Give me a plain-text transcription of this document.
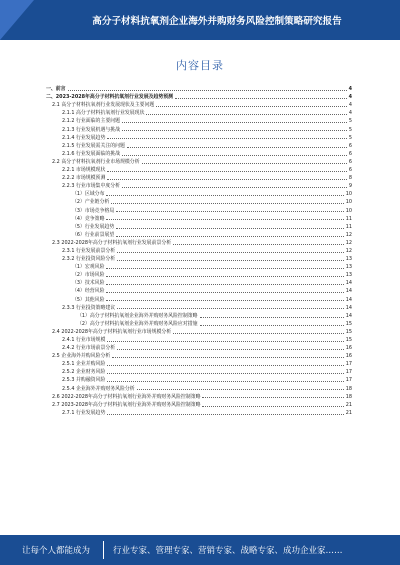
高分子材料抗氧剂企业海外并购财务风险控制策略研究报告
内容目录
一、前言	4
二、2023-2028年高分子材料抗氧剂行业发展及趋势预测	4
2.1 高分子材料抗氧剂行业发展现状及主要问题	4
2.1.1 高分子材料抗氧剂行业发展现状	4
2.1.2 行业面临的主要问题	5
2.1.3 行业发展机遇与挑战	5
2.1.4 行业发展趋势	5
2.1.5 行业发展需关注的问题	6
2.1.6 行业发展面临的挑战	6
2.2 高分子材料抗氧剂行业市场规模分析	6
2.2.1 市场规模现状	6
2.2.2 市场规模预测	8
2.2.3 行业市场集中度分析	9
（1）区域分布	10
（2）产业链分析	10
（3）市场竞争格局	10
（4）竞争策略	11
（5）行业发展趋势	11
（6）行业前景展望	12
2.3 2022-2028年高分子材料抗氧剂行业发展前景分析	12
2.3.1 行业发展前景分析	12
2.3.2 行业投资风险分析	13
（1）宏观风险	13
（2）市场风险	13
（3）技术风险	14
（4）经营风险	14
（5）其他风险	14
2.3.3 行业投资策略建议	14
（1）高分子材料抗氧剂企业海外并购财务风险控制策略	14
（2）高分子材料抗氧剂企业海外并购财务风险应对措施	15
2.4 2022-2028年高分子材料抗氧剂行业市场规模分析	15
2.4.1 行业市场规模	15
2.4.2 行业市场前景分析	16
2.5 企业海外并购风险分析	16
2.5.1 企业并购风险	17
2.5.2 企业财务风险	17
2.5.3 并购融资风险	17
2.5.4 企业海外并购财务风险分析	18
2.6 2022-2028年高分子材料抗氧剂行业海外并购财务风险控制策略	18
2.7 2023-2028年高分子材料抗氧剂行业海外并购财务风险控制策略	21
2.7.1 行业发展趋势	21
让每个人都能成为	行业专家、管理专家、营销专家、战略专家、成功企业家……
